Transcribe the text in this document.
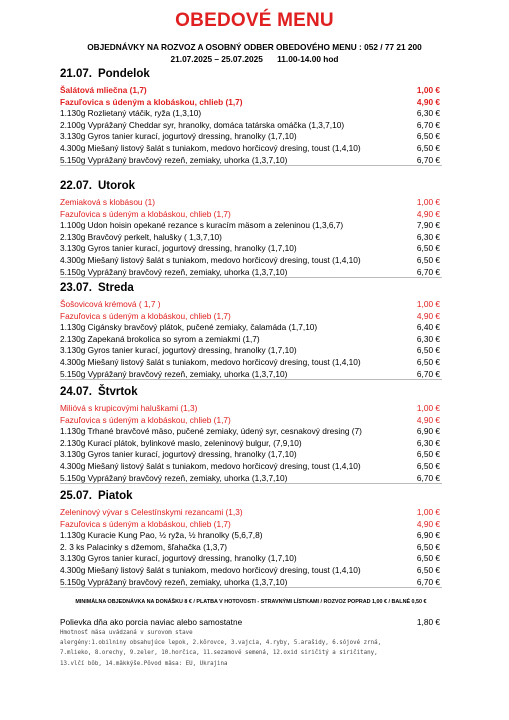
OBEDOVÉ MENU
OBJEDNÁVKY NA ROZVOZ A OSOBNÝ ODBER OBEDOVÉHO MENU : 052 / 77 21 200
21.07.2025 – 25.07.2025 11.00-14.00 hod
21.07. Pondelok
Šalátová mliečna (1,7)	1,00 €
Fazuľovica s údeným a klobáskou, chlieb (1,7)	4,90 €
1.130g Rozlietaný vtáčik, ryža (1,3,10)	6,30 €
2.100g Vyprážaný Cheddar syr, hranolky, domáca tatárska omáčka (1,3,7,10)	6,70 €
3.130g Gyros tanier kurací, jogurtový dressing, hranolky (1,7,10)	6,50 €
4.300g Miešaný listový šalát s tuniakom, medovo horčicový dresing, toust (1,4,10)	6,50 €
5.150g Vyprážaný bravčový rezeň, zemiaky, uhorka (1,3,7,10)	6,70 €
22.07. Utorok
Zemiaková s klobásou (1)	1,00 €
Fazuľovica s údeným a klobáskou, chlieb (1,7)	4,90 €
1.100g Udon hoisin opekané rezance s kuracím mäsom a zeleninou (1,3,6,7)	7,90 €
2.130g Bravčový perkelt, halušky ( 1,3,7,10)	6,30 €
3.130g Gyros tanier kurací, jogurtový dressing, hranolky (1,7,10)	6,50 €
4.300g Miešaný listový šalát s tuniakom, medovo horčicový dresing, toust (1,4,10)	6,50 €
5.150g Vyprážaný bravčový rezeň, zemiaky, uhorka (1,3,7,10)	6,70 €
23.07. Streda
Šošovicová krémová ( 1,7 )	1,00 €
Fazuľovica s údeným a klobáskou, chlieb (1,7)	4,90 €
1.130g Cigánsky bravčový plátok, pučené zemiaky, čalamáda (1,7,10)	6,40 €
2.130g Zapekaná brokolica so syrom a zemiakmi (1,7)	6,30 €
3.130g Gyros tanier kurací, jogurtový dressing, hranolky (1,7,10)	6,50 €
4.300g Miešaný listový šalát s tuniakom, medovo horčicový dresing, toust (1,4,10)	6,50 €
5.150g Vyprážaný bravčový rezeň, zemiaky, uhorka (1,3,7,10)	6,70 €
24.07. Štvrtok
Milióvá s krupicovými haluškami (1,3)	1,00 €
Fazuľovica s údeným a klobáskou, chlieb (1,7)	4,90 €
1.130g Trhané bravčové mäso, pučené zemiaky, údený syr, cesnakový dresing (7)	6,90 €
2.130g Kurací plátok, bylinkové maslo, zeleninový bulgur, (7,9,10)	6,30 €
3.130g Gyros tanier kurací, jogurtový dressing, hranolky (1,7,10)	6,50 €
4.300g Miešaný listový šalát s tuniakom, medovo horčicový dresing, toust (1,4,10)	6,50 €
5.150g Vyprážaný bravčový rezeň, zemiaky, uhorka (1,3,7,10)	6,70 €
25.07. Piatok
Zeleninový vývar s Celestínskymi rezancami (1,3)	1,00 €
Fazuľovica s údeným a klobáskou, chlieb (1,7)	4,90 €
1.130g Kuracie Kung Pao, ½ ryža, ½ hranolky (5,6,7,8)	6,90 €
2. 3 ks Palacinky s džemom, šľahačka (1,3,7)	6,50 €
3.130g Gyros tanier kurací, jogurtový dressing, hranolky (1,7,10)	6,50 €
4.300g Miešaný listový šalát s tuniakom, medovo horčicový dresing, toust (1,4,10)	6,50 €
5.150g Vyprážaný bravčový rezeň, zemiaky, uhorka (1,3,7,10)	6,70 €
MINIMÁLNA OBJEDNÁVKA NA DONÁŠKU 8 € / PLATBA V HOTOVOSTI - STRAVNÝMI LÍSTKAMI / ROZVOZ POPRAD 1,00 € / BALNÉ 0,50 €
Polievka dňa ako porcia naviac alebo samostatne	1,80 €
Hmotnosť mäsa uvádzaná v surovom stave
alergény:1.obilniny obsahujúce lepok, 2.kôrovce, 3.vajcia, 4.ryby, 5.arašidy, 6.sójové zrná,
7.mlieko, 8.orechy, 9.zeler, 10.horčica, 11.sezamové semená, 12.oxid siričitý a siričitany,
13.vlčí bôb, 14.mäkkýše.Pôvod mäsa: EU, Ukrajina
